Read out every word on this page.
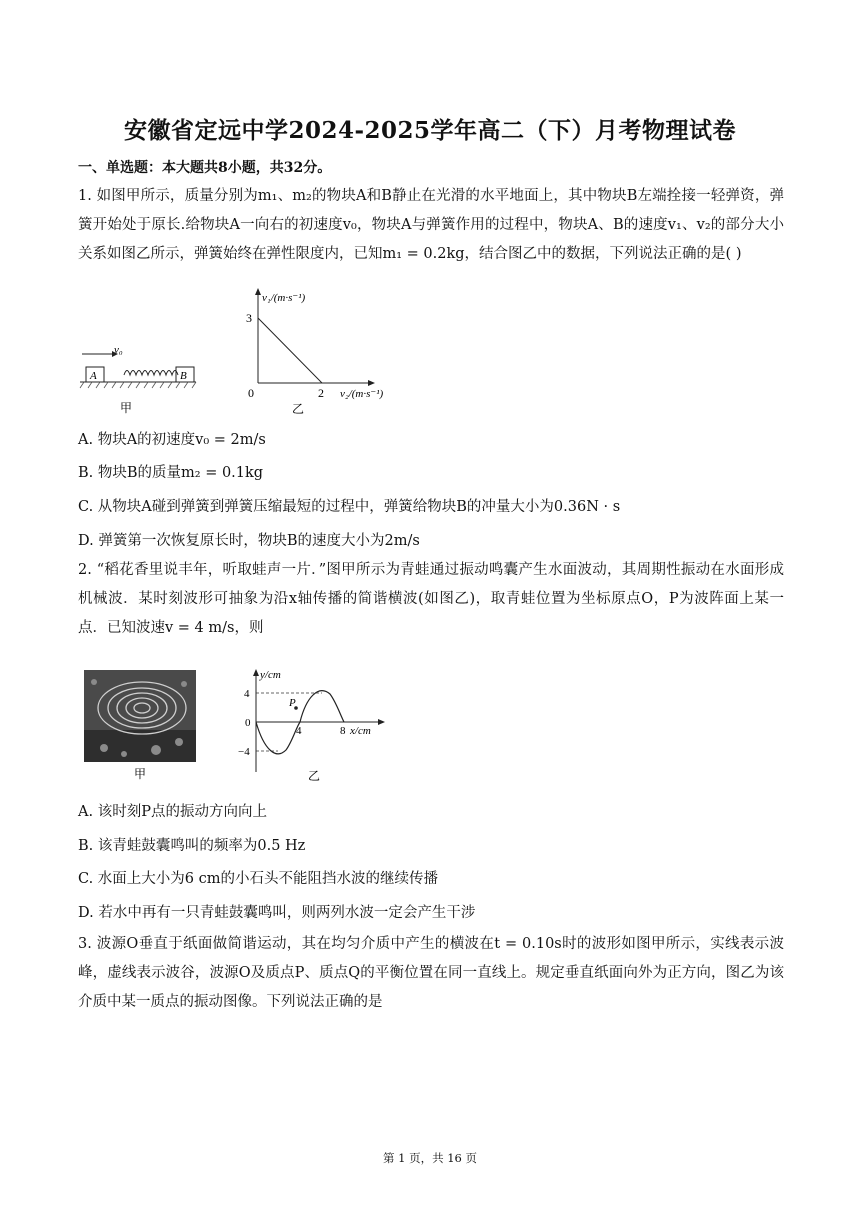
安徽省定远中学2024-2025学年高二（下）月考物理试卷
一、单选题：本大题共8小题，共32分。
1. 如图甲所示，质量分别为m₁、m₂的物块A和B静止在光滑的水平地面上，其中物块B左端拴接一轻弹资，弹簧开始处于原长.给物块A一向右的初速度v₀，物块A与弹簧作用的过程中，物块A、B的速度v₁、v₂的部分大小关系如图乙所示，弹簧始终在弹性限度内，已知m₁ = 0.2kg，结合图乙中的数据，下列说法正确的是( )
v₀
A	B
甲
v₁/(m·s⁻¹)
v₂/(m·s⁻¹)
3
2
0
乙
A. 物块A的初速度v₀ = 2m/s
B. 物块B的质量m₂ = 0.1kg
C. 从物块A碰到弹簧到弹簧压缩最短的过程中，弹簧给物块B的冲量大小为0.36N · s
D. 弹簧第一次恢复原长时，物块B的速度大小为2m/s
2. “稻花香里说丰年，听取蛙声一片．”图甲所示为青蛙通过振动鸣囊产生水面波动，其周期性振动在水面形成机械波．某时刻波形可抽象为沿x轴传播的简谐横波(如图乙)，取青蛙位置为坐标原点O，P为波阵面上某一点．已知波速v = 4 m/s，则
甲
P
y/cm
x/cm
4
−4
0
4	8
乙
A. 该时刻P点的振动方向向上
B. 该青蛙鼓囊鸣叫的频率为0.5 Hz
C. 水面上大小为6 cm的小石头不能阻挡水波的继续传播
D. 若水中再有一只青蛙鼓囊鸣叫，则两列水波一定会产生干涉
3. 波源O垂直于纸面做简谐运动，其在均匀介质中产生的横波在t = 0.10s时的波形如图甲所示，实线表示波峰，虚线表示波谷，波源O及质点P、质点Q的平衡位置在同一直线上。规定垂直纸面向外为正方向，图乙为该介质中某一质点的振动图像。下列说法正确的是
第 1 页，共 16 页
